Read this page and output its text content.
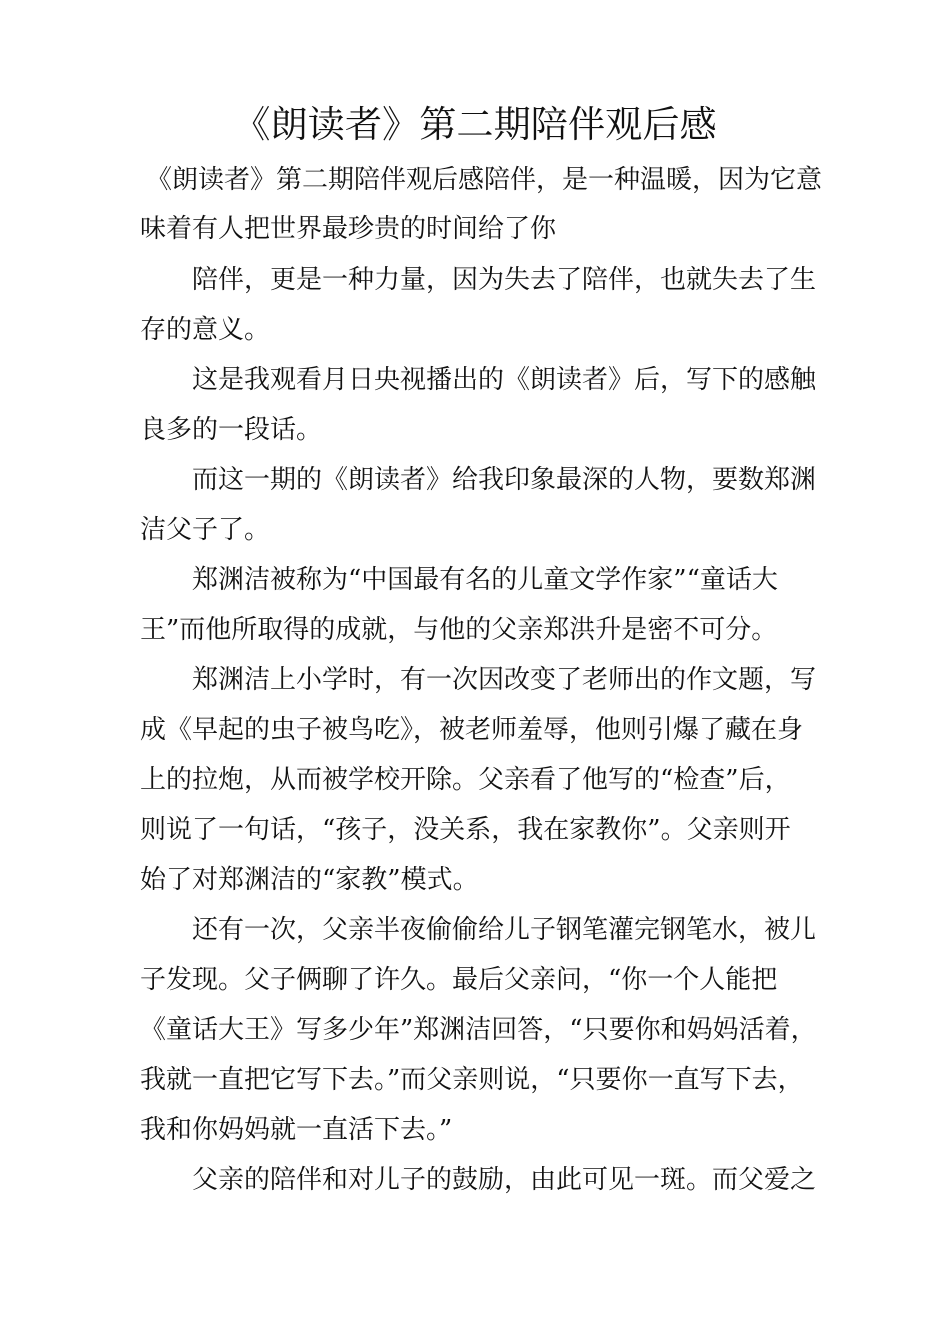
《朗读者》第二期陪伴观后感

《朗读者》第二期陪伴观后感陪伴，是一种温暖，因为它意

味着有人把世界最珍贵的时间给了你

陪伴，更是一种力量，因为失去了陪伴，也就失去了生

存的意义。

这是我观看月日央视播出的《朗读者》后，写下的感触

良多的一段话。

而这一期的《朗读者》给我印象最深的人物，要数郑渊

洁父子了。

郑渊洁被称为“中国最有名的儿童文学作家”“童话大

王”而他所取得的成就，与他的父亲郑洪升是密不可分。

郑渊洁上小学时，有一次因改变了老师出的作文题，写

成《早起的虫子被鸟吃》，被老师羞辱，他则引爆了藏在身

上的拉炮，从而被学校开除。父亲看了他写的“检查”后，

则说了一句话，“孩子，没关系，我在家教你”。父亲则开

始了对郑渊洁的“家教”模式。

还有一次，父亲半夜偷偷给儿子钢笔灌完钢笔水，被儿

子发现。父子俩聊了许久。最后父亲问，“你一个人能把

《童话大王》写多少年”郑渊洁回答，“只要你和妈妈活着，

我就一直把它写下去。”而父亲则说，“只要你一直写下去，

我和你妈妈就一直活下去。”

父亲的陪伴和对儿子的鼓励，由此可见一斑。而父爱之
